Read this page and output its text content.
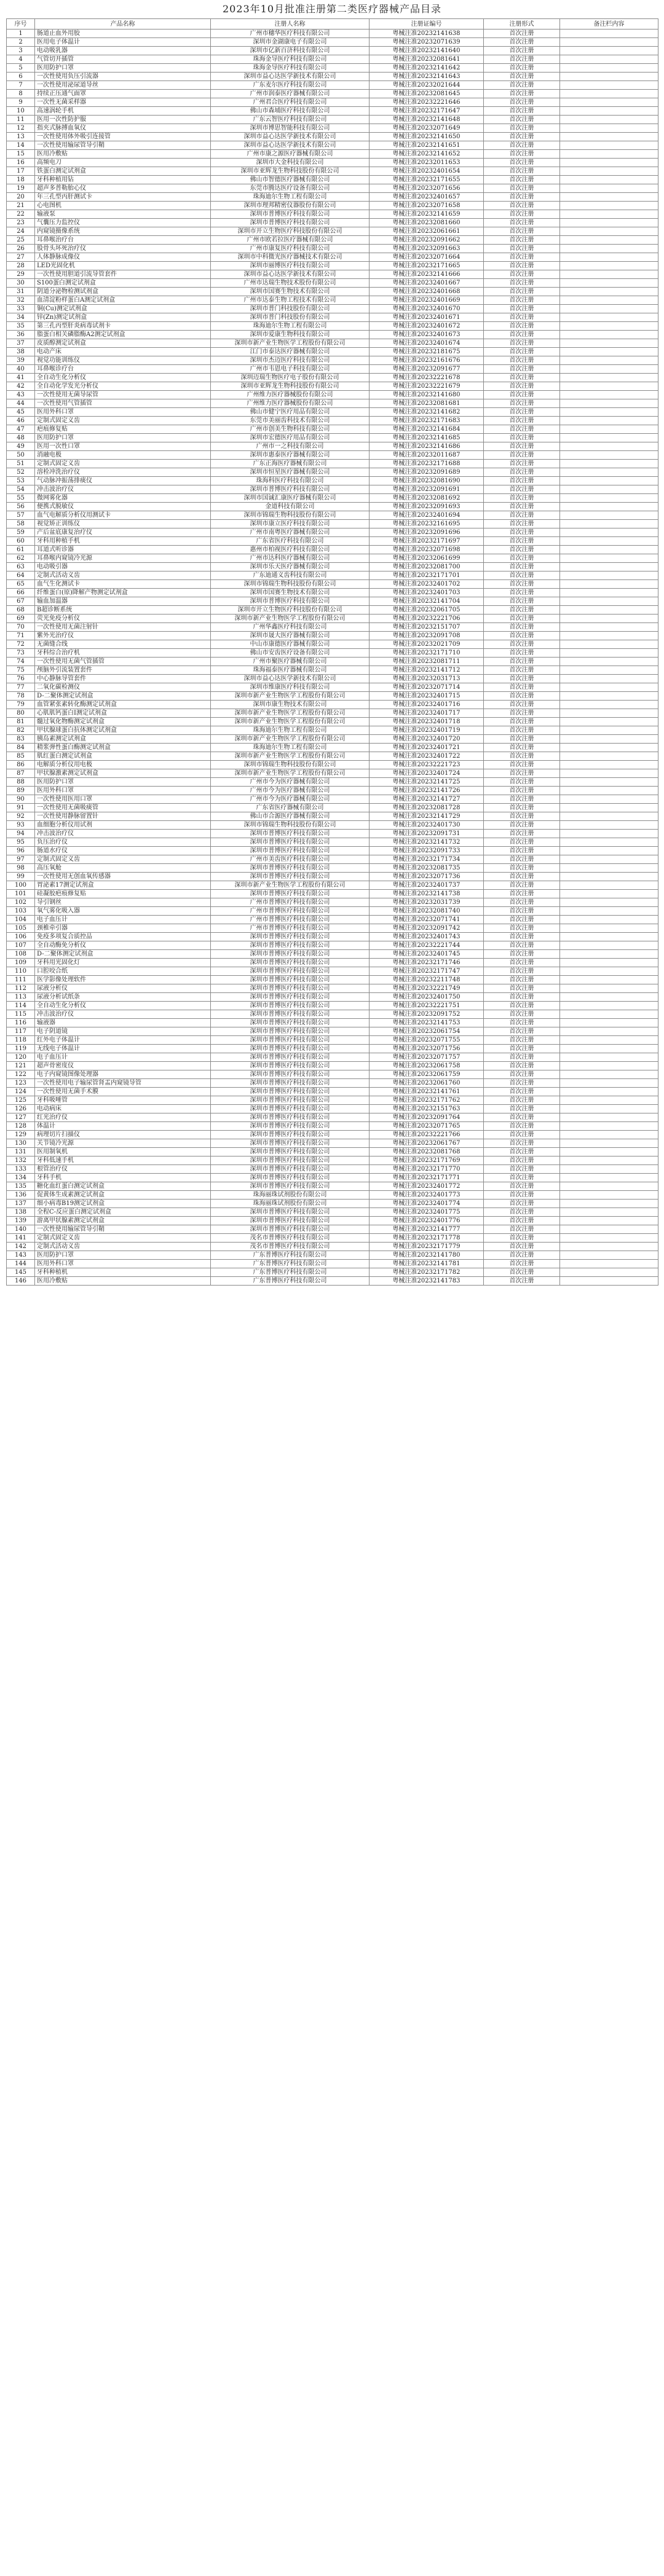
2023年10月批准注册第二类医疗器械产品目录
序号	产品名称	注册人名称	注册证编号	注册形式	备注栏内容
1	肠道止血外用胶	广州市穗华医疗科技有限公司	粤械注准20232141638	首次注册	
2	医用电子体温计	深圳市金湖康电子有限公司	粤械注准20232071639	首次注册	
3	电动吸乳器	深圳市亿新百济科技有限公司	粤械注准20232141640	首次注册	
4	气管切开插管	珠海金导医疗科技有限公司	粤械注准20232081641	首次注册	
5	医用防护口罩	珠海金导医疗科技有限公司	粤械注准20232141642	首次注册	
6	一次性使用负压引流器	深圳市益心达医学新技术有限公司	粤械注准20232141643	首次注册	
7	一次性使用泌尿道导丝	广东麦尔医疗科技有限公司	粤械注准20232021644	首次注册	
8	持续正压通气面罩	广州市润泰医疗器械有限公司	粤械注准20232081645	首次注册	
9	一次性无菌采样器	广州君合医疗科技有限公司	粤械注准20232221646	首次注册	
10	高速涡轮手机	佛山市森埔医疗科技有限公司	粤械注准20232171647	首次注册	
11	医用一次性防护服	广东云智医疗科技有限公司	粤械注准20232141648	首次注册	
12	指夹式脉搏血氧仪	深圳市博思智能科技有限公司	粤械注准20232071649	首次注册	
13	一次性使用体外吸引连接管	深圳市益心达医学新技术有限公司	粤械注准20232141650	首次注册	
14	一次性使用输尿管导引鞘	深圳市益心达医学新技术有限公司	粤械注准20232141651	首次注册	
15	医用冷敷贴	广州市康之源医疗器械有限公司	粤械注准20232141652	首次注册	
16	高频电刀	深圳市大金科技有限公司	粤械注准20232011653	首次注册	
17	铁蛋白测定试剂盒	深圳市亚辉龙生物科技股份有限公司	粤械注准20232401654	首次注册	
18	牙科种植用钻	佛山市智德医疗器械有限公司	粤械注准20232171655	首次注册	
19	超声多普勒胎心仪	东莞市腾达医疗设备有限公司	粤械注准20232071656	首次注册	
20	年三孔型丙肝测试卡	珠海迪尔生物工程有限公司	粤械注准20232401657	首次注册	
21	心电图机	深圳市理邦精密仪器股份有限公司	粤械注准20232071658	首次注册	
22	输液泵	深圳市普博医疗科技有限公司	粤械注准20232141659	首次注册	
23	气囊压力监控仪	深圳市普博医疗科技有限公司	粤械注准20232081660	首次注册	
24	内窥镜摄像系统	深圳市开立生物医疗科技股份有限公司	粤械注准20232061661	首次注册	
25	耳鼻喉治疗台	广州市欧若拉医疗器械有限公司	粤械注准20232091662	首次注册	
26	股骨头坏死治疗仪	广州市康复医疗科技有限公司	粤械注准20232091663	首次注册	
27	人体静脉成像仪	深圳市中科微光医疗器械技术有限公司	粤械注准20232071664	首次注册	
28	LED光固化机	深圳市丽博医疗科技有限公司	粤械注准20232171665	首次注册	
29	一次性使用胆道引流导管套件	深圳市益心达医学新技术有限公司	粤械注准20232141666	首次注册	
30	S100蛋白测定试剂盒	广州市达瑞生物技术股份有限公司	粤械注准20232401667	首次注册	
31	阴道分泌物检测试剂盒	深圳市国赛生物技术有限公司	粤械注准20232401668	首次注册	
32	血清淀粉样蛋白A测定试剂盒	广州市达泰生物工程技术有限公司	粤械注准20232401669	首次注册	
33	铜(Cu)测定试剂盒	深圳市普门科技股份有限公司	粤械注准20232401670	首次注册	
34	锌(Zn)测定试剂盒	深圳市普门科技股份有限公司	粤械注准20232401671	首次注册	
35	第三孔丙型肝炎病毒试剂卡	珠海迪尔生物工程有限公司	粤械注准20232401672	首次注册	
36	脂蛋白相关磷脂酶A2测定试剂盒	深圳市爱康生物科技有限公司	粤械注准20232401673	首次注册	
37	皮质醇测定试剂盒	深圳市新产业生物医学工程股份有限公司	粤械注准20232401674	首次注册	
38	电动产床	江门市泰达医疗器械有限公司	粤械注准20232181675	首次注册	
39	视觉功能训练仪	深圳市杰迈医疗科技有限公司	粤械注准20232161676	首次注册	
40	耳鼻喉诊疗台	广州市韦恩电子科技有限公司	粤械注准20232091677	首次注册	
41	全自动生化分析仪	深圳迈瑞生物医疗电子股份有限公司	粤械注准20232221678	首次注册	
42	全自动化学发光分析仪	深圳市亚辉龙生物科技股份有限公司	粤械注准20232221679	首次注册	
43	一次性使用无菌导尿管	广州维力医疗器械股份有限公司	粤械注准20232141680	首次注册	
44	一次性使用气管插管	广州维力医疗器械股份有限公司	粤械注准20232081681	首次注册	
45	医用外科口罩	佛山市健宁医疗用品有限公司	粤械注准20232141682	首次注册	
46	定制式固定义齿	东莞市美丽齿科技术有限公司	粤械注准20232171683	首次注册	
47	疤痕修复贴	广州市创美生物科技有限公司	粤械注准20232141684	首次注册	
48	医用防护口罩	深圳市宏德医疗用品有限公司	粤械注准20232141685	首次注册	
49	医用一次性口罩	广州市一之科技有限公司	粤械注准20232141686	首次注册	
50	消融电极	深圳市惠泰医疗器械有限公司	粤械注准20232011687	首次注册	
51	定制式固定义齿	广东正海医疗器械有限公司	粤械注准20232171688	首次注册	
52	溶栓冲洗治疗仪	深圳市恒星医疗器械有限公司	粤械注准20232091689	首次注册	
53	气动脉冲振荡排痰仪	珠海科医疗科技有限公司	粤械注准20232081690	首次注册	
54	冲击波治疗仪	深圳市普博医疗科技有限公司	粤械注准20232091691	首次注册	
55	微网雾化器	深圳市国诚汇康医疗器械有限公司	粤械注准20232081692	首次注册	
56	便携式脱敏仪	金道科技有限公司	粤械注准20232091693	首次注册	
57	血气电解质分析仪用测试卡	深圳市锦瑞生物科技股份有限公司	粤械注准20232401694	首次注册	
58	视觉矫正训练仪	深圳市康立医疗科技有限公司	粤械注准20232161695	首次注册	
59	产后盆底康复治疗仪	广州市南粤医疗器械有限公司	粤械注准20232091696	首次注册	
60	牙科用种植手机	广东省医疗科技有限公司	粤械注准20232171697	首次注册	
61	耳道式听诊器	惠州市柏视医疗科技有限公司	粤械注准20232071698	首次注册	
62	耳鼻喉内窥镜冷光源	广州市达科医疗器械有限公司	粤械注准20232061699	首次注册	
63	电动吸引器	深圳市乐天医疗器械有限公司	粤械注准20232081700	首次注册	
64	定制式活动义齿	广东迪通义齿科技有限公司	粤械注准20232171701	首次注册	
65	血气生化测试卡	深圳市锦瑞生物科技股份有限公司	粤械注准20232401702	首次注册	
66	纤维蛋白(原)降解产物测定试剂盒	深圳市国赛生物技术有限公司	粤械注准20232401703	首次注册	
67	输血加温器	深圳市普博医疗科技有限公司	粤械注准20232141704	首次注册	
68	B超诊断系统	深圳市开立生物医疗科技股份有限公司	粤械注准20232061705	首次注册	
69	荧光免疫分析仪	深圳市新产业生物医学工程股份有限公司	粤械注准20232221706	首次注册	
70	一次性使用无菌注射针	广州华鑫医疗科技有限公司	粤械注准20232151707	首次注册	
71	紫外光治疗仪	深圳市晟大医疗器械有限公司	粤械注准20232091708	首次注册	
72	无菌缝合线	中山市康德医疗器械有限公司	粤械注准20232021709	首次注册	
73	牙科综合治疗机	佛山市安齿医疗设备有限公司	粤械注准20232171710	首次注册	
74	一次性使用无菌气管插管	广州市聚医疗器械有限公司	粤械注准20232081711	首次注册	
75	颅脑外引流装置套件	珠海福泰医疗器械有限公司	粤械注准20232141712	首次注册	
76	中心静脉导管套件	深圳市益心达医学新技术有限公司	粤械注准20232031713	首次注册	
77	二氧化碳检测仪	深圳市维康医疗科技有限公司	粤械注准20232071714	首次注册	
78	D-二聚体测定试剂盒	深圳市新产业生物医学工程股份有限公司	粤械注准20232401715	首次注册	
79	血管紧张素转化酶测定试剂盒	深圳市康生物技术有限公司	粤械注准20232401716	首次注册	
80	心肌肌钙蛋白I测定试剂盒	深圳市新产业生物医学工程股份有限公司	粤械注准20232401717	首次注册	
81	髓过氧化物酶测定试剂盒	深圳市新产业生物医学工程股份有限公司	粤械注准20232401718	首次注册	
82	甲状腺球蛋白抗体测定试剂盒	珠海迪尔生物工程有限公司	粤械注准20232401719	首次注册	
83	胰岛素测定试剂盒	深圳市新产业生物医学工程股份有限公司	粤械注准20232401720	首次注册	
84	精浆弹性蛋白酶测定试剂盒	珠海迪尔生物工程有限公司	粤械注准20232401721	首次注册	
85	肌红蛋白测定试剂盒	深圳市新产业生物医学工程股份有限公司	粤械注准20232401722	首次注册	
86	电解质分析仪用电极	深圳市锦瑞生物科技股份有限公司	粤械注准20232221723	首次注册	
87	甲状腺激素测定试剂盒	深圳市新产业生物医学工程股份有限公司	粤械注准20232401724	首次注册	
88	医用防护口罩	广州市今为医疗器械有限公司	粤械注准20232141725	首次注册	
89	医用外科口罩	广州市今为医疗器械有限公司	粤械注准20232141726	首次注册	
90	一次性使用医用口罩	广州市今为医疗器械有限公司	粤械注准20232141727	首次注册	
91	一次性使用无菌吸痰管	广东省医疗器械有限公司	粤械注准20232081728	首次注册	
92	一次性使用静脉留置针	佛山市合源医疗器械有限公司	粤械注准20232141729	首次注册	
93	血细胞分析仪用试剂	深圳市锦瑞生物科技股份有限公司	粤械注准20232401730	首次注册	
94	冲击波治疗仪	深圳市普博医疗科技有限公司	粤械注准20232091731	首次注册	
95	负压治疗仪	深圳市普博医疗科技有限公司	粤械注准20232141732	首次注册	
96	肠道水疗仪	深圳市普博医疗科技有限公司	粤械注准20232091733	首次注册	
97	定制式固定义齿	广州市美齿医疗科技有限公司	粤械注准20232171734	首次注册	
98	高压氧舱	深圳市普博医疗科技有限公司	粤械注准20232081735	首次注册	
99	一次性使用无创血氧传感器	深圳市普博医疗科技有限公司	粤械注准20232071736	首次注册	
100	胃泌素17测定试剂盒	深圳市新产业生物医学工程股份有限公司	粤械注准20232401737	首次注册	
101	硅凝胶疤痕修复贴	深圳市普博医疗科技有限公司	粤械注准20232141738	首次注册	
102	导引钢丝	广州市普博医疗科技有限公司	粤械注准20232031739	首次注册	
103	氧气雾化吸入器	广州市普博医疗科技有限公司	粤械注准20232081740	首次注册	
104	电子血压计	广州市普博医疗科技有限公司	粤械注准20232071741	首次注册	
105	颈椎牵引器	广州市普博医疗科技有限公司	粤械注准20232091742	首次注册	
106	免疫多项复合质控品	深圳市普博医疗科技有限公司	粤械注准20232401743	首次注册	
107	全自动酶免分析仪	深圳市普博医疗科技有限公司	粤械注准20232221744	首次注册	
108	D-二聚体测定试剂盒	深圳市普博医疗科技有限公司	粤械注准20232401745	首次注册	
109	牙科用光固化灯	深圳市普博医疗科技有限公司	粤械注准20232171746	首次注册	
110	口腔咬合纸	深圳市普博医疗科技有限公司	粤械注准20232171747	首次注册	
111	医学影像处理软件	深圳市普博医疗科技有限公司	粤械注准20232211748	首次注册	
112	尿液分析仪	深圳市普博医疗科技有限公司	粤械注准20232221749	首次注册	
113	尿液分析试纸条	深圳市普博医疗科技有限公司	粤械注准20232401750	首次注册	
114	全自动生化分析仪	深圳市普博医疗科技有限公司	粤械注准20232221751	首次注册	
115	冲击波治疗仪	深圳市普博医疗科技有限公司	粤械注准20232091752	首次注册	
116	输液器	深圳市普博医疗科技有限公司	粤械注准20232141753	首次注册	
117	电子阴道镜	深圳市普博医疗科技有限公司	粤械注准20232061754	首次注册	
118	红外电子体温计	深圳市普博医疗科技有限公司	粤械注准20232071755	首次注册	
119	无线电子体温计	深圳市普博医疗科技有限公司	粤械注准20232071756	首次注册	
120	电子血压计	深圳市普博医疗科技有限公司	粤械注准20232071757	首次注册	
121	超声骨密度仪	深圳市普博医疗科技有限公司	粤械注准20232061758	首次注册	
122	电子内窥镜图像处理器	深圳市普博医疗科技有限公司	粤械注准20232061759	首次注册	
123	一次性使用电子输尿管肾盂内窥镜导管	深圳市普博医疗科技有限公司	粤械注准20232061760	首次注册	
124	一次性使用无菌手术膜	深圳市普博医疗科技有限公司	粤械注准20232141761	首次注册	
125	牙科吸唾管	深圳市普博医疗科技有限公司	粤械注准20232171762	首次注册	
126	电动病床	深圳市普博医疗科技有限公司	粤械注准20232151763	首次注册	
127	红光治疗仪	深圳市普博医疗科技有限公司	粤械注准20232091764	首次注册	
128	体温计	深圳市普博医疗科技有限公司	粤械注准20232071765	首次注册	
129	病理切片扫描仪	深圳市普博医疗科技有限公司	粤械注准20232221766	首次注册	
130	关节镜冷光源	深圳市普博医疗科技有限公司	粤械注准20232061767	首次注册	
131	医用制氧机	深圳市普博医疗科技有限公司	粤械注准20232081768	首次注册	
132	牙科低速手机	深圳市普博医疗科技有限公司	粤械注准20232171769	首次注册	
133	根管治疗仪	深圳市普博医疗科技有限公司	粤械注准20232171770	首次注册	
134	牙科手机	深圳市普博医疗科技有限公司	粤械注准20232171771	首次注册	
135	糖化血红蛋白测定试剂盒	深圳市普博医疗科技有限公司	粤械注准20232401772	首次注册	
136	促黄体生成素测定试剂盒	珠海丽珠试剂股份有限公司	粤械注准20232401773	首次注册	
137	细小病毒B19测定试剂盒	珠海丽珠试剂股份有限公司	粤械注准20232401774	首次注册	
138	全程C-反应蛋白测定试剂盒	深圳市普博医疗科技有限公司	粤械注准20232401775	首次注册	
139	游离甲状腺素测定试剂盒	深圳市普博医疗科技有限公司	粤械注准20232401776	首次注册	
140	一次性使用输尿管导引鞘	深圳市普博医疗科技有限公司	粤械注准20232141777	首次注册	
141	定制式固定义齿	茂名市普博医疗科技有限公司	粤械注准20232171778	首次注册	
142	定制式活动义齿	茂名市普博医疗科技有限公司	粤械注准20232171779	首次注册	
143	医用防护口罩	广东普博医疗科技有限公司	粤械注准20232141780	首次注册	
144	医用外科口罩	广东普博医疗科技有限公司	粤械注准20232141781	首次注册	
145	牙科种植机	广东普博医疗科技有限公司	粤械注准20232171782	首次注册	
146	医用冷敷贴	广东普博医疗科技有限公司	粤械注准20232141783	首次注册	
